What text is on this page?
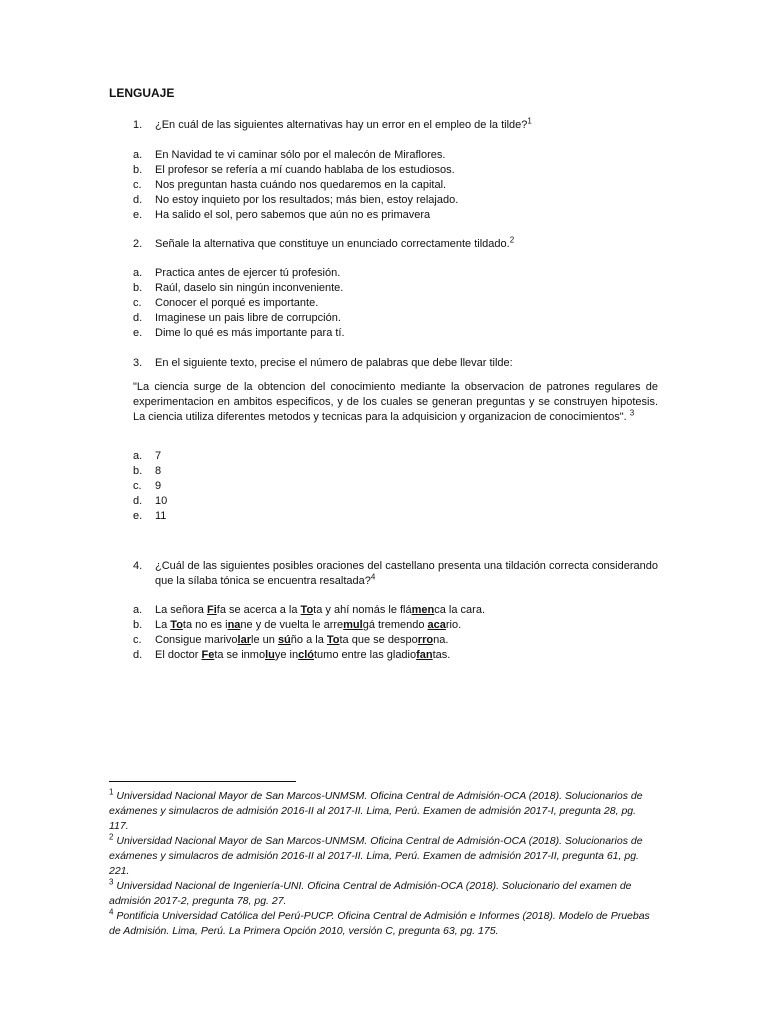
LENGUAJE
1.	¿En cuál de las siguientes alternativas hay un error en el empleo de la tilde?$^1$
a.	En Navidad te vi caminar sólo por el malecón de Miraflores.
b.	El profesor se refería a mí cuando hablaba de los estudiosos.
c.	Nos preguntan hasta cuándo nos quedaremos en la capital.
d.	No estoy inquieto por los resultados; más bien, estoy relajado.
e.	Ha salido el sol, pero sabemos que aún no es primavera
2.	Señale la alternativa que constituye un enunciado correctamente tildado.$^2$
a.	Practica antes de ejercer tú profesión.
b.	Raúl, daselo sin ningún inconveniente.
c.	Conocer el porqué es importante.
d.	Imaginese un pais libre de corrupción.
e.	Dime lo qué es más importante para tí.
3.	En el siguiente texto, precise el número de palabras que debe llevar tilde:
"La ciencia surge de la obtencion del conocimiento mediante la observacion de patrones regulares de experimentacion en ambitos especificos, y de los cuales se generan preguntas y se construyen hipotesis. La ciencia utiliza diferentes metodos y tecnicas para la adquisicion y organizacion de conocimientos". $^3$
a.	7
b.	8
c.	9
d.	10
e.	11
4.	¿Cuál de las siguientes posibles oraciones del castellano presenta una tildación correcta considerando que la sílaba tónica se encuentra resaltada?$^4$
a.	La señora Fifa se acerca a la Tota y ahí nomás le flámenca la cara.
b.	La Tota no es inane y de vuelta le arremulgá tremendo acario.
c.	Consigue marivolarle un súño a la Tota que se desporrona.
d.	El doctor Feta se inmoluye inclótumo entre las gladiofantas.

$^1$ Universidad Nacional Mayor de San Marcos-UNMSM. Oficina Central de Admisión-OCA (2018). Solucionarios de exámenes y simulacros de admisión 2016-II al 2017-II. Lima, Perú. Examen de admisión 2017-I, pregunta 28, pg. 117.

$^2$ Universidad Nacional Mayor de San Marcos-UNMSM. Oficina Central de Admisión-OCA (2018). Solucionarios de exámenes y simulacros de admisión 2016-II al 2017-II. Lima, Perú. Examen de admisión 2017-II, pregunta 61, pg. 221.

$^3$ Universidad Nacional de Ingeniería-UNI. Oficina Central de Admisión-OCA (2018). Solucionario del examen de admisión 2017-2, pregunta 78, pg. 27.

$^4$ Pontificia Universidad Católica del Perú-PUCP. Oficina Central de Admisión e Informes (2018). Modelo de Pruebas de Admisión. Lima, Perú. La Primera Opción 2010, versión C, pregunta 63, pg. 175.
